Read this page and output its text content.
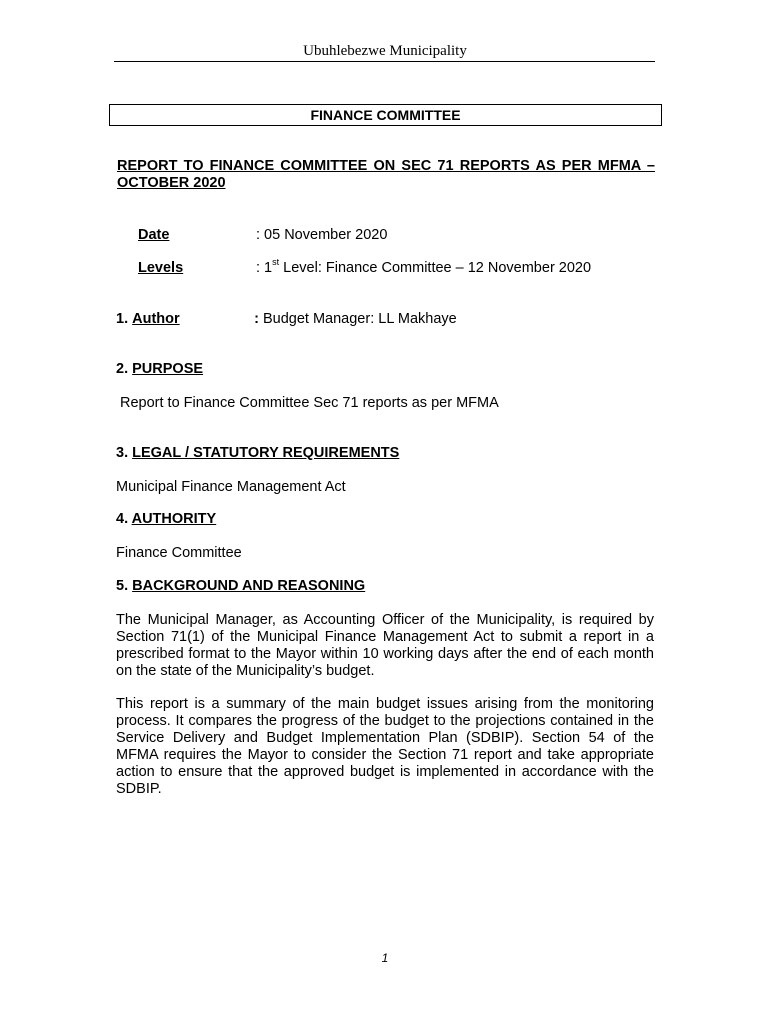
Ubuhlebezwe Municipality
FINANCE COMMITTEE
REPORT TO FINANCE COMMITTEE ON SEC 71 REPORTS AS PER MFMA – OCTOBER 2020
Date	: 05 November 2020
Levels	: 1st Level: Finance Committee – 12 November 2020
1. Author	: Budget Manager: LL Makhaye
2. PURPOSE
Report to Finance Committee Sec 71 reports as per MFMA
3. LEGAL / STATUTORY REQUIREMENTS
Municipal Finance Management Act
4. AUTHORITY
Finance Committee
5. BACKGROUND AND REASONING
The Municipal Manager, as Accounting Officer of the Municipality, is required by Section 71(1) of the Municipal Finance Management Act to submit a report in a prescribed format to the Mayor within 10 working days after the end of each month on the state of the Municipality’s budget.
This report is a summary of the main budget issues arising from the monitoring process. It compares the progress of the budget to the projections contained in the Service Delivery and Budget Implementation Plan (SDBIP). Section 54 of the MFMA requires the Mayor to consider the Section 71 report and take appropriate action to ensure that the approved budget is implemented in accordance with the SDBIP.
1
